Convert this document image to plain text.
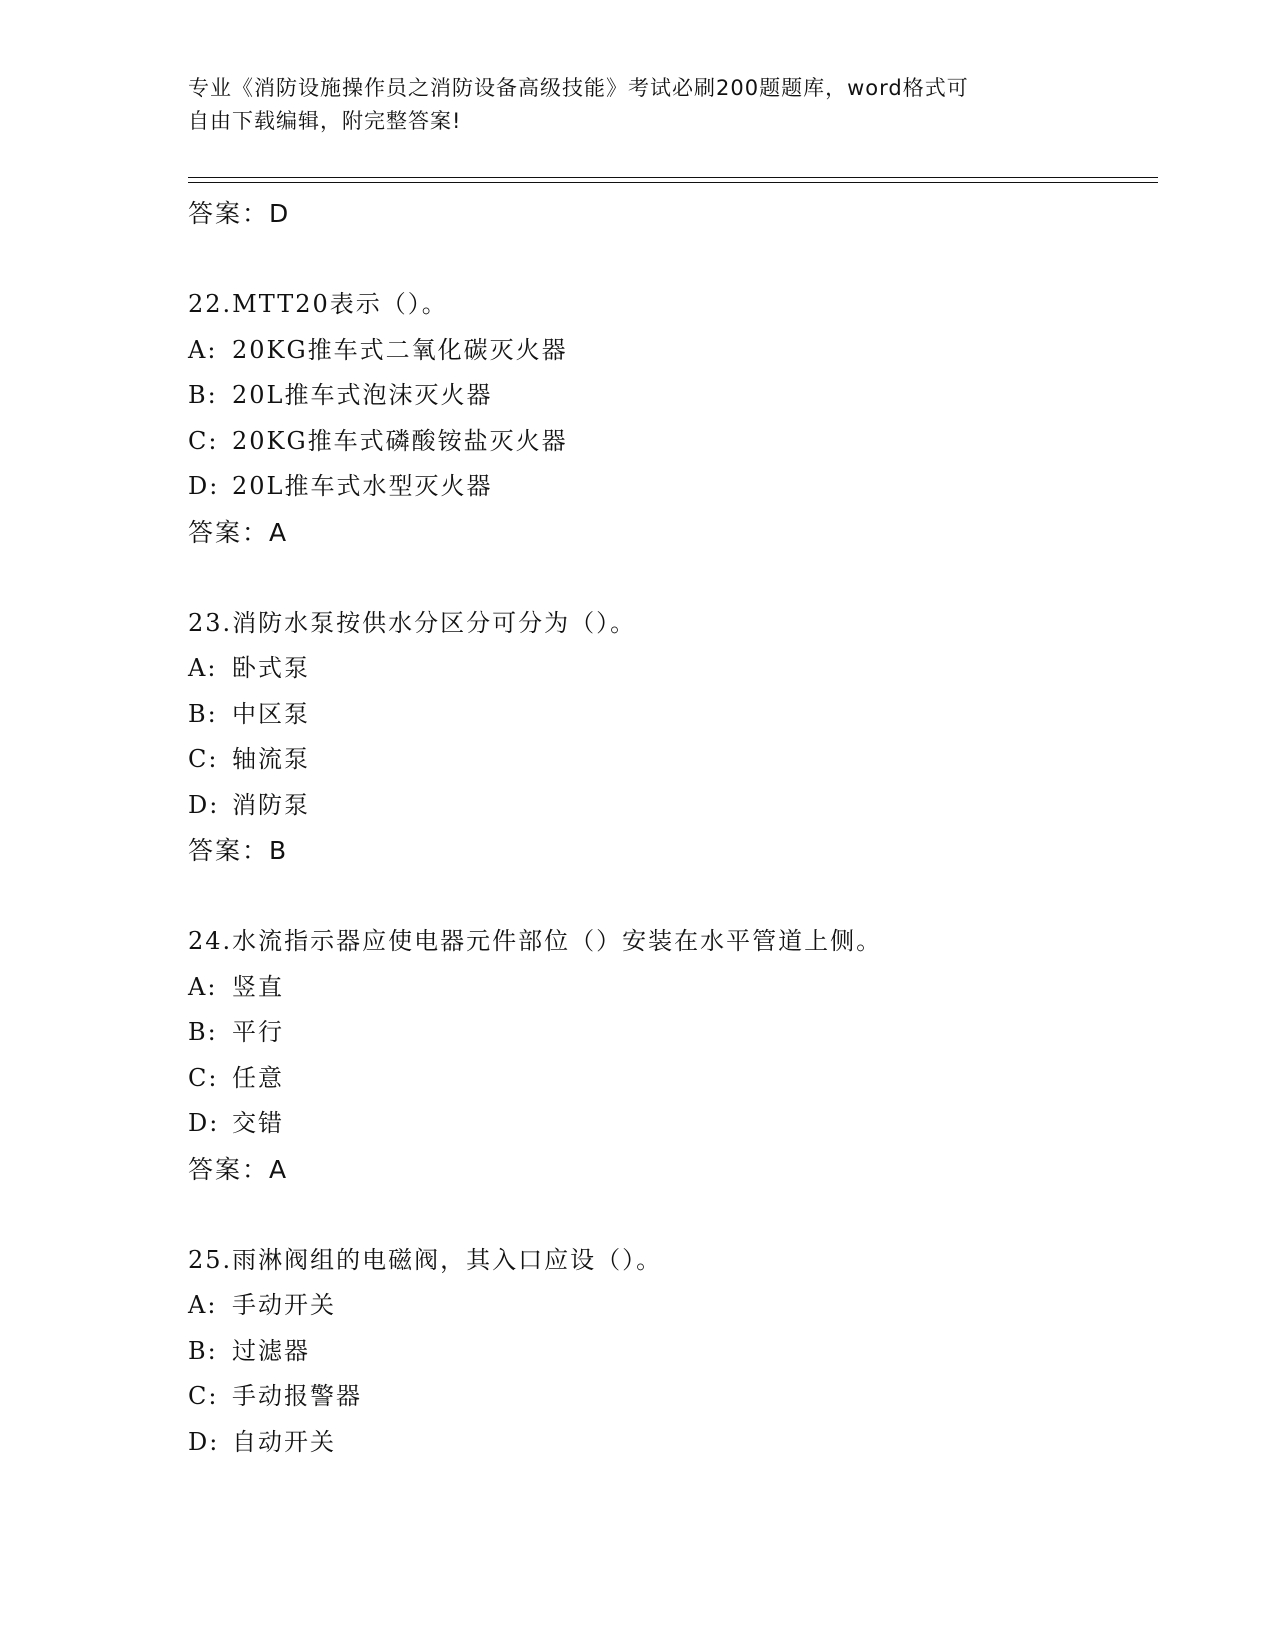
专业《消防设施操作员之消防设备高级技能》考试必刷200题题库，word格式可
自由下载编辑，附完整答案!
答案：D
22.MTT20表示（）。
A: 20KG推车式二氧化碳灭火器
B: 20L推车式泡沫灭火器
C: 20KG推车式磷酸铵盐灭火器
D: 20L推车式水型灭火器
答案：A
23.消防水泵按供水分区分可分为（）。
A: 卧式泵
B: 中区泵
C: 轴流泵
D: 消防泵
答案：B
24.水流指示器应使电器元件部位（）安装在水平管道上侧。
A: 竖直
B: 平行
C: 任意
D: 交错
答案：A
25.雨淋阀组的电磁阀，其入口应设（）。
A: 手动开关
B: 过滤器
C: 手动报警器
D: 自动开关
